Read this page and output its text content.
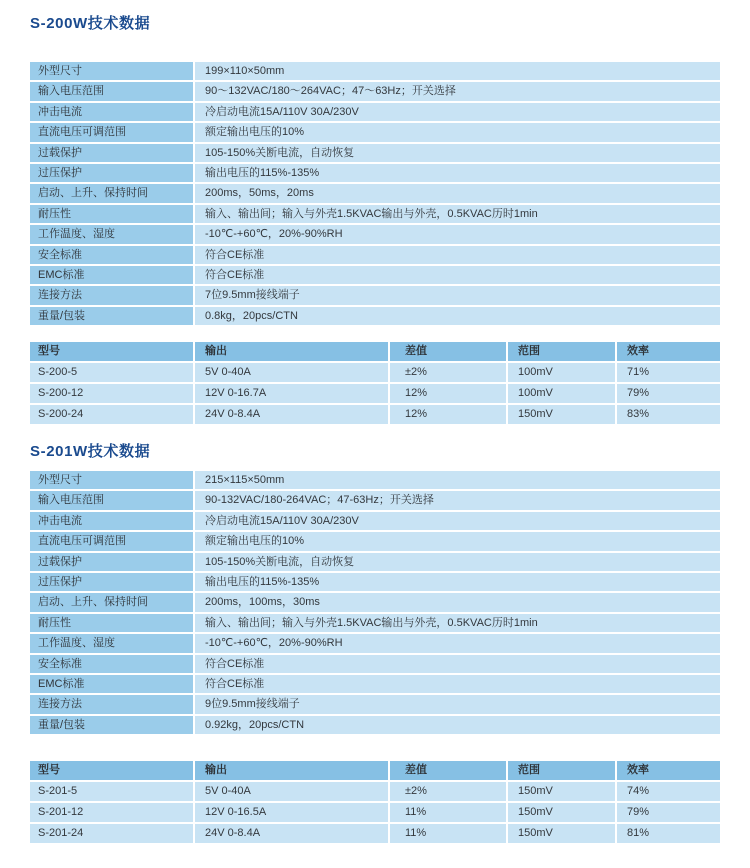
S-200W技术数据
外型尺寸	199×110×50mm
输入电压范围	90～132VAC/180～264VAC；47～63Hz；开关选择
冲击电流	冷启动电流15A/110V 30A/230V
直流电压可调范围	额定输出电压的10%
过载保护	105-150%关断电流，自动恢复
过压保护	输出电压的115%-135%
启动、上升、保持时间	200ms，50ms，20ms
耐压性	输入、输出间；输入与外壳1.5KVAC输出与外壳，0.5KVAC历时1min
工作温度、湿度	-10℃-+60℃，20%-90%RH
安全标准	符合CE标准
EMC标准	符合CE标准
连接方法	7位9.5mm接线端子
重量/包装	0.8kg，20pcs/CTN
型号	输出	差值	范围	效率
S-200-5	5V 0-40A	±2%	100mV	71%
S-200-12	12V 0-16.7A	12%	100mV	79%
S-200-24	24V 0-8.4A	12%	150mV	83%
S-201W技术数据
外型尺寸	215×115×50mm
输入电压范围	90-132VAC/180-264VAC；47-63Hz；开关选择
冲击电流	冷启动电流15A/110V 30A/230V
直流电压可调范围	额定输出电压的10%
过载保护	105-150%关断电流，自动恢复
过压保护	输出电压的115%-135%
启动、上升、保持时间	200ms，100ms，30ms
耐压性	输入、输出间；输入与外壳1.5KVAC输出与外壳，0.5KVAC历时1min
工作温度、湿度	-10℃-+60℃，20%-90%RH
安全标准	符合CE标准
EMC标准	符合CE标准
连接方法	9位9.5mm接线端子
重量/包装	0.92kg，20pcs/CTN
型号	输出	差值	范围	效率
S-201-5	5V 0-40A	±2%	150mV	74%
S-201-12	12V 0-16.5A	11%	150mV	79%
S-201-24	24V 0-8.4A	11%	150mV	81%
